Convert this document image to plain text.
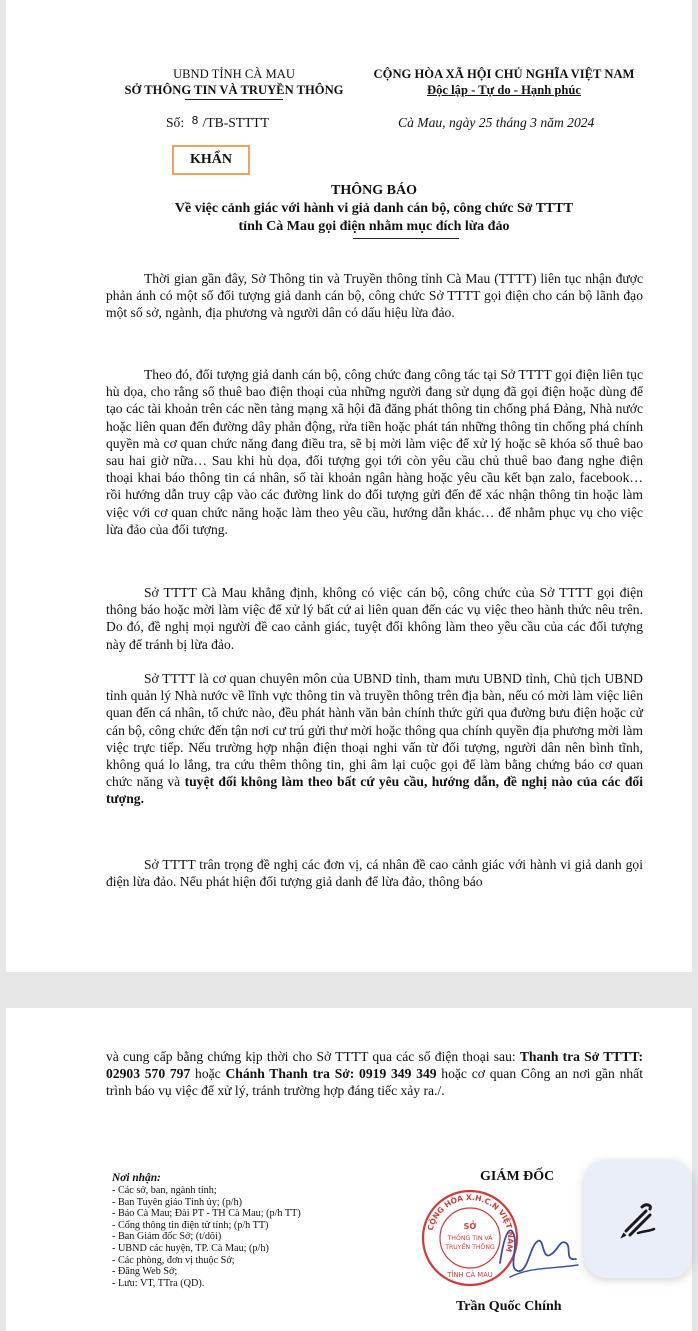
UBND TỈNH CÀ MAU
SỞ THÔNG TIN VÀ TRUYỀN THÔNG
CỘNG HÒA XÃ HỘI CHỦ NGHĨA VIỆT NAM
Độc lập - Tự do - Hạnh phúc
Số: $^8$ /TB-STTTT	Cà Mau, ngày 25 tháng 3 năm 2024
KHẨN
THÔNG BÁO
Về việc cảnh giác với hành vi giả danh cán bộ, công chức Sở TTTT
tỉnh Cà Mau gọi điện nhằm mục đích lừa đảo

Thời gian gần đây, Sở Thông tin và Truyền thông tỉnh Cà Mau (TTTT) liên tục nhận được phản ánh có một số đối tượng giả danh cán bộ, công chức Sở TTTT gọi điện cho cán bộ lãnh đạo một số sở, ngành, địa phương và người dân có dấu hiệu lừa đảo.

Theo đó, đối tượng giả danh cán bộ, công chức đang công tác tại Sở TTTT gọi điện liên tục hù dọa, cho rằng số thuê bao điện thoại của những người đang sử dụng đã gọi điện hoặc dùng để tạo các tài khoản trên các nền tảng mạng xã hội đã đăng phát thông tin chống phá Đảng, Nhà nước hoặc liên quan đến đường dây phản động, rửa tiền hoặc phát tán những thông tin chống phá chính quyền mà cơ quan chức năng đang điều tra, sẽ bị mời làm việc để xử lý hoặc sẽ khóa số thuê bao sau hai giờ nữa… Sau khi hù dọa, đối tượng gọi tới còn yêu cầu chủ thuê bao đang nghe điện thoại khai báo thông tin cá nhân, số tài khoản ngân hàng hoặc yêu cầu kết bạn zalo, facebook… rồi hướng dẫn truy cập vào các đường link do đối tượng gửi đến để xác nhận thông tin hoặc làm việc với cơ quan chức năng hoặc làm theo yêu cầu, hướng dẫn khác… để nhằm phục vụ cho việc lừa đảo của đối tượng.

Sở TTTT Cà Mau khẳng định, không có việc cán bộ, công chức của Sở TTTT gọi điện thông báo hoặc mời làm việc để xử lý bất cứ ai liên quan đến các vụ việc theo hành thức nêu trên. Do đó, đề nghị mọi người đề cao cảnh giác, tuyệt đối không làm theo yêu cầu của các đối tượng này để tránh bị lừa đảo.

Sở TTTT là cơ quan chuyên môn của UBND tỉnh, tham mưu UBND tỉnh, Chủ tịch UBND tỉnh quản lý Nhà nước về lĩnh vực thông tin và truyền thông trên địa bàn, nếu có mời làm việc liên quan đến cá nhân, tổ chức nào, đều phát hành văn bản chính thức gửi qua đường bưu điện hoặc cử cán bộ, công chức đến tận nơi cư trú gửi thư mời hoặc thông qua chính quyền địa phương mời làm việc trực tiếp. Nếu trường hợp nhận điện thoại nghi vấn từ đối tượng, người dân nên bình tĩnh, không quá lo lắng, tra cứu thêm thông tin, ghi âm lại cuộc gọi để làm bằng chứng báo cơ quan chức năng và tuyệt đối không làm theo bất cứ yêu cầu, hướng dẫn, đề nghị nào của các đối tượng.

Sở TTTT trân trọng đề nghị các đơn vị, cá nhân đề cao cảnh giác với hành vi giả danh gọi điện lừa đảo. Nếu phát hiện đối tượng giả danh để lừa đảo, thông báo

và cung cấp bằng chứng kịp thời cho Sở TTTT qua các số điện thoại sau: Thanh tra Sở TTTT: 02903 570 797 hoặc Chánh Thanh tra Sở: 0919 349 349 hoặc cơ quan Công an nơi gần nhất trình báo vụ việc để xử lý, tránh trường hợp đáng tiếc xảy ra./.

Nơi nhận:
- Các sở, ban, ngành tỉnh;
- Ban Tuyên giáo Tỉnh ủy; (p/h)
- Báo Cà Mau; Đài PT - TH Cà Mau; (p/h TT)
- Cổng thông tin điện tử tỉnh; (p/h TT)
- Ban Giám đốc Sở; (t/dõi)
- UBND các huyện, TP. Cà Mau; (p/h)
- Các phòng, đơn vị thuộc Sở;
- Đăng Web Sở;
- Lưu: VT, TTra (QD).
GIÁM ĐỐC
CỘNG HÒA X.H.C.N VIỆT NAM
SỞ
THÔNG TIN VÀ
TRUYỀN THÔNG
TỈNH CÀ MAU
Trần Quốc Chính
